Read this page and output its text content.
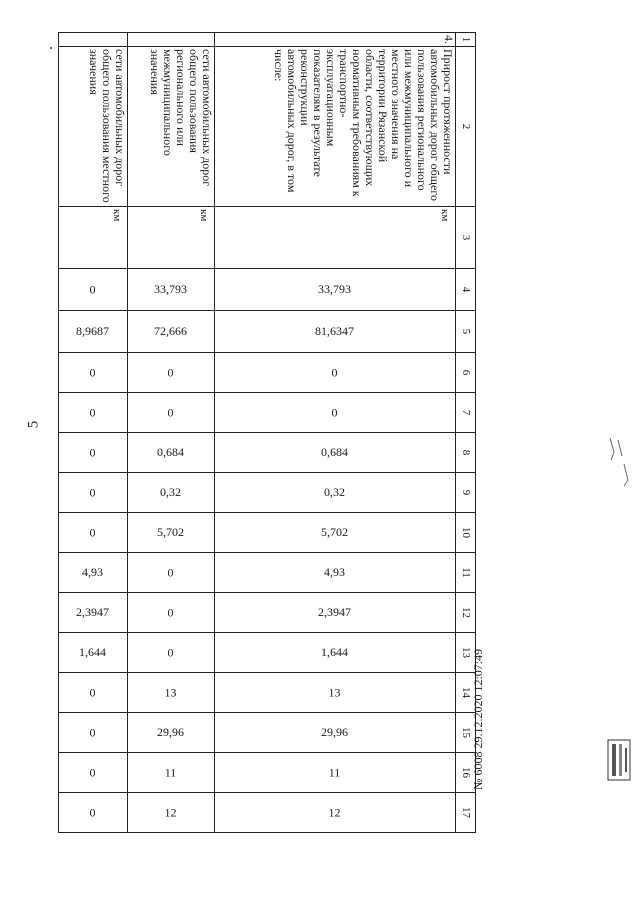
5
1	2	3	4	5	6	7	8	9	10	11	12	13	14	15	16	17
4.	Прирост протяженности автомобильных дорог общего пользования регионального или межмуниципального и местного значения на территории Рязанской области, соответствующих нормативным требованиям к транспортно-эксплуатационным показателям в результате реконструкции автомобильных дорог, в том числе:	км	33,793	81,6347	0	0	0,684	0,32	5,702	4,93	2,3947	1,644	13	29,96	11	12
	сети автомобильных дорог общего пользования регионального или межмуниципального значения	км	33,793	72,666	0	0	0,684	0,32	5,702	0	0	0	13	29,96	11	12
	сети автомобильных дорог общего пользования местного значения	км	0	8,9687	0	0	0	0	0	4,93	2,3947	1,644	0	0	0	0
№ 6008 29.12.2020 12:07:49
